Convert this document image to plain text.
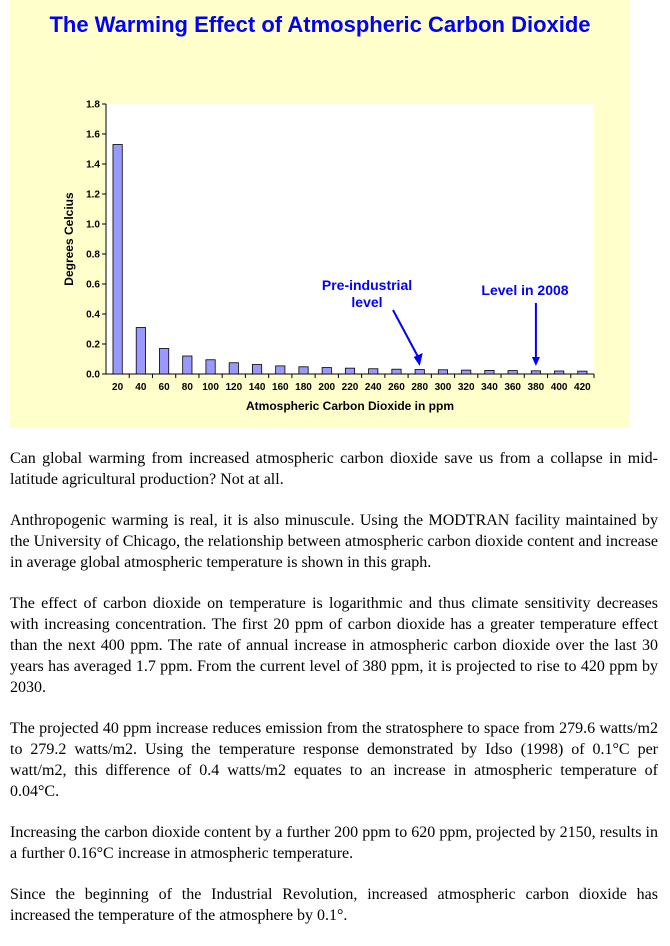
The Warming Effect of Atmospheric Carbon Dioxide
0.0
0.2
0.4
0.6
0.8
1.0
1.2
1.4
1.6
1.8
20 40 60 80 100 120 140 160 180 200 220 240 260 280 300 320 340 360 380 400 420
Atmospheric Carbon Dioxide in ppm
Degrees Celcius	Pre-industrial
level
Level in 2008

Can global warming from increased atmospheric carbon dioxide save us from a collapse in mid-latitude agricultural production? Not at all.

Anthropogenic warming is real, it is also minuscule. Using the MODTRAN facility maintained by the University of Chicago, the relationship between atmospheric carbon dioxide content and increase in average global atmospheric temperature is shown in this graph.

The effect of carbon dioxide on temperature is logarithmic and thus climate sensitivity decreases with increasing concentration. The first 20 ppm of carbon dioxide has a greater temperature effect than the next 400 ppm. The rate of annual increase in atmospheric carbon dioxide over the last 30 years has averaged 1.7 ppm. From the current level of 380 ppm, it is projected to rise to 420 ppm by 2030.

The projected 40 ppm increase reduces emission from the stratosphere to space from 279.6 watts/m2 to 279.2 watts/m2. Using the temperature response demonstrated by Idso (1998) of 0.1°C per watt/m2, this difference of 0.4 watts/m2 equates to an increase in atmospheric temperature of 0.04°C.

Increasing the carbon dioxide content by a further 200 ppm to 620 ppm, projected by 2150, results in a further 0.16°C increase in atmospheric temperature.

Since the beginning of the Industrial Revolution, increased atmospheric carbon dioxide has increased the temperature of the atmosphere by 0.1°.
